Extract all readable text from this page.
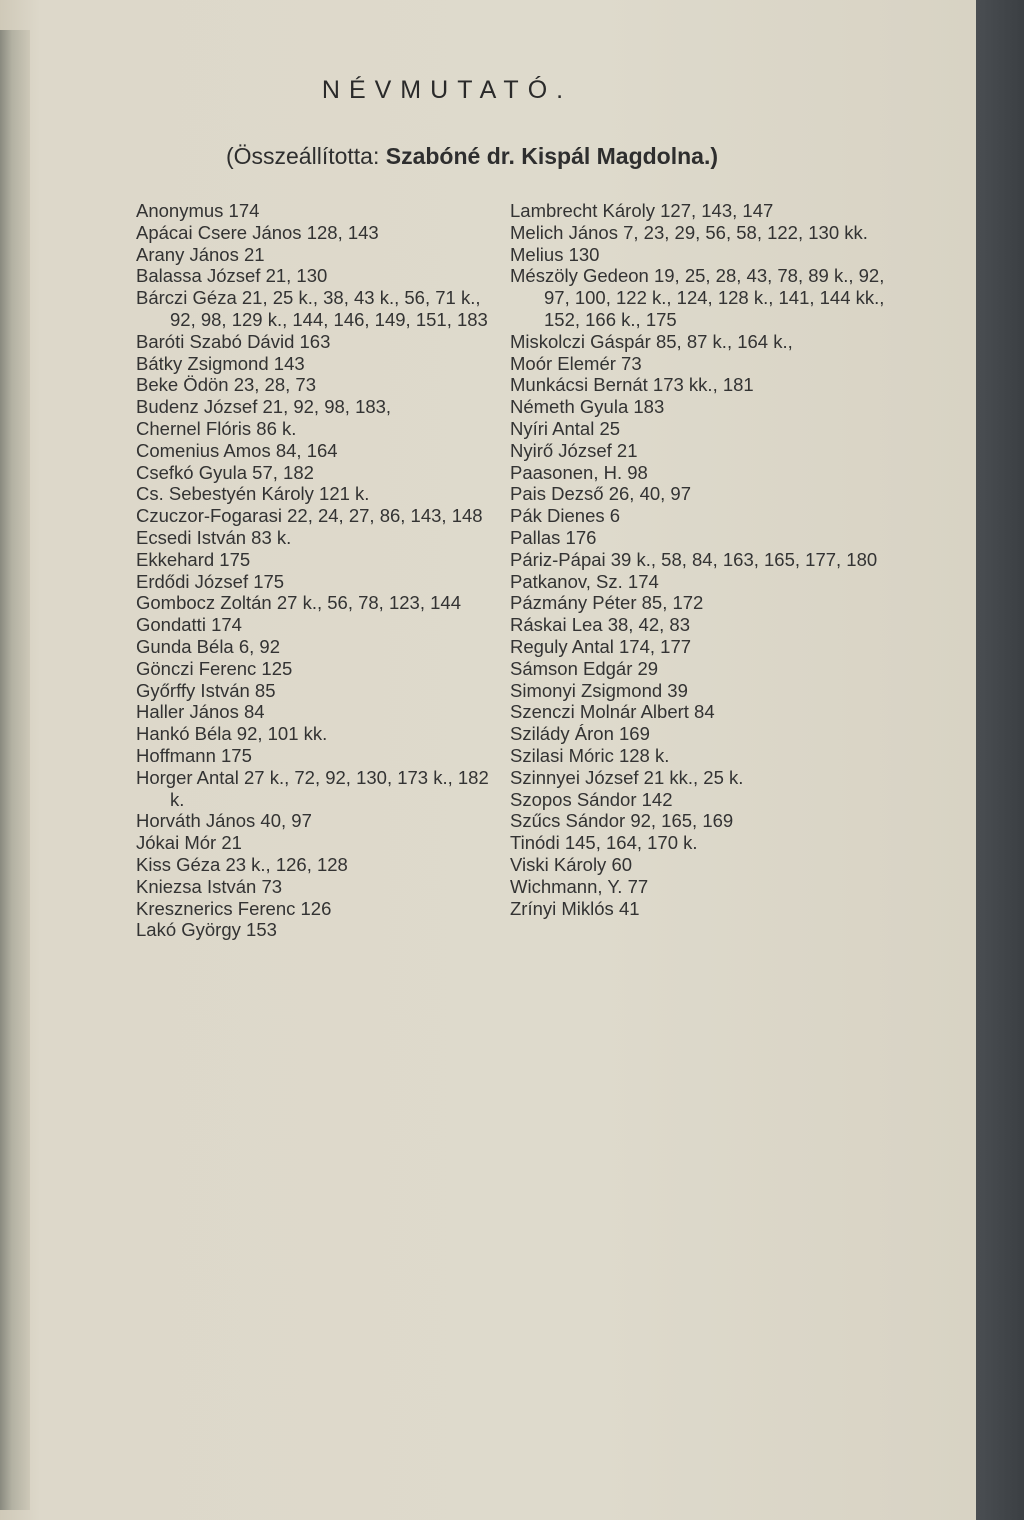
NÉVMUTATÓ.
(Összeállította: Szabóné dr. Kispál Magdolna.)
Anonymus 174
Apácai Csere János 128, 143
Arany János 21
Balassa József 21, 130
Bárczi Géza 21, 25 k., 38, 43 k., 56, 71 k., 92, 98, 129 k., 144, 146, 149, 151, 183
Baróti Szabó Dávid 163
Bátky Zsigmond 143
Beke Ödön 23, 28, 73
Budenz József 21, 92, 98, 183,
Chernel Flóris 86 k.
Comenius Amos 84, 164
Csefkó Gyula 57, 182
Cs. Sebestyén Károly 121 k.
Czuczor-Fogarasi 22, 24, 27, 86, 143, 148
Ecsedi István 83 k.
Ekkehard 175
Erdődi József 175
Gombocz Zoltán 27 k., 56, 78, 123, 144
Gondatti 174
Gunda Béla 6, 92
Gönczi Ferenc 125
Győrffy István 85
Haller János 84
Hankó Béla 92, 101 kk.
Hoffmann 175
Horger Antal 27 k., 72, 92, 130, 173 k., 182 k.
Horváth János 40, 97
Jókai Mór 21
Kiss Géza 23 k., 126, 128
Kniezsa István 73
Kresznerics Ferenc 126
Lakó György 153
Lambrecht Károly 127, 143, 147
Melich János 7, 23, 29, 56, 58, 122, 130 kk.
Melius 130
Mészöly Gedeon 19, 25, 28, 43, 78, 89 k., 92, 97, 100, 122 k., 124, 128 k., 141, 144 kk., 152, 166 k., 175
Miskolczi Gáspár 85, 87 k., 164 k.,
Moór Elemér 73
Munkácsi Bernát 173 kk., 181
Németh Gyula 183
Nyíri Antal 25
Nyirő József 21
Paasonen, H. 98
Pais Dezső 26, 40, 97
Pák Dienes 6
Pallas 176
Páriz-Pápai 39 k., 58, 84, 163, 165, 177, 180
Patkanov, Sz. 174
Pázmány Péter 85, 172
Ráskai Lea 38, 42, 83
Reguly Antal 174, 177
Sámson Edgár 29
Simonyi Zsigmond 39
Szenczi Molnár Albert 84
Szilády Áron 169
Szilasi Móric 128 k.
Szinnyei József 21 kk., 25 k.
Szopos Sándor 142
Szűcs Sándor 92, 165, 169
Tinódi 145, 164, 170 k.
Viski Károly 60
Wichmann, Y. 77
Zrínyi Miklós 41
